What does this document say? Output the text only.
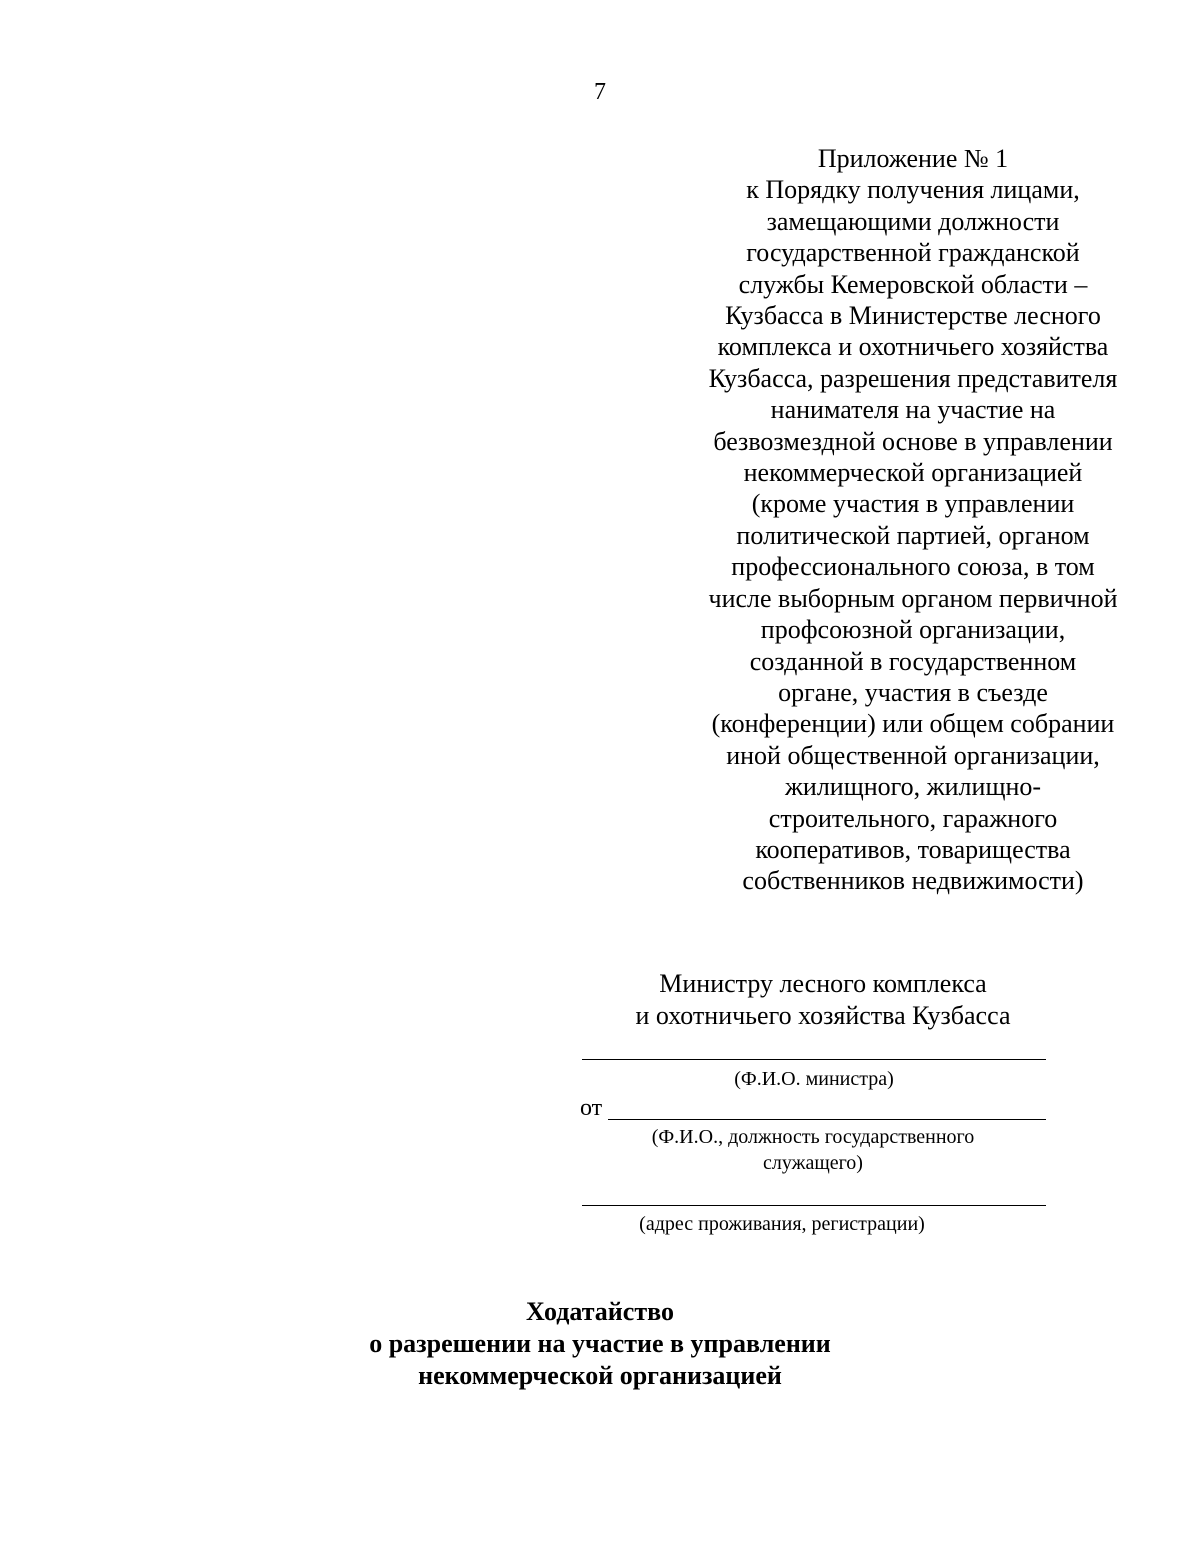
7
Приложение № 1
к Порядку получения лицами,
замещающими должности
государственной гражданской
службы Кемеровской области –
Кузбасса в Министерстве лесного
комплекса и охотничьего хозяйства
Кузбасса, разрешения представителя
нанимателя на участие на
безвозмездной основе в управлении
некоммерческой организацией
(кроме участия в управлении
политической партией, органом
профессионального союза, в том
числе выборным органом первичной
профсоюзной организации,
созданной в государственном
органе, участия в съезде
(конференции) или общем собрании
иной общественной организации,
жилищного, жилищно-
строительного, гаражного
кооперативов, товарищества
собственников недвижимости)
Министру лесного комплекса
и охотничьего хозяйства Кузбасса
(Ф.И.О. министра)
от
(Ф.И.О., должность государственного
служащего)
(адрес проживания, регистрации)
Ходатайство
о разрешении на участие в управлении
некоммерческой организацией
